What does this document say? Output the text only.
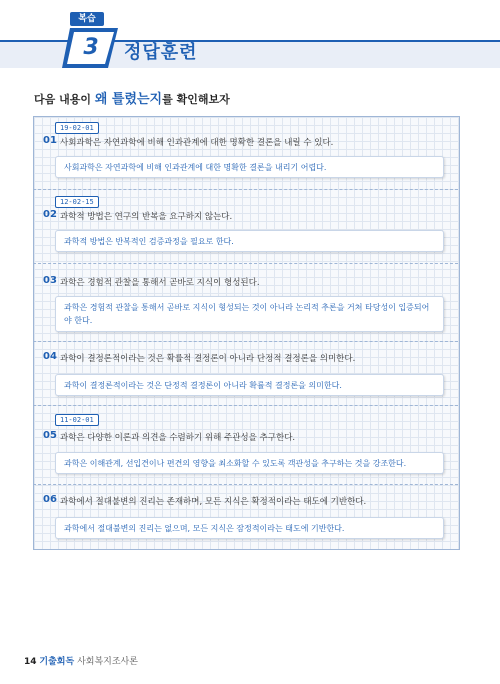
복습
3	정답훈련
다음 내용이 왜 틀렸는지를 확인해보자
19-02-01
01 사회과학은 자연과학에 비해 인과관계에 대한 명확한 결론을 내릴 수 있다.
사회과학은 자연과학에 비해 인과관계에 대한 명확한 결론을 내리기 어렵다.
12-02-15
02 과학적 방법은 연구의 반복을 요구하지 않는다.
과학적 방법은 반복적인 검증과정을 필요로 한다.
03 과학은 경험적 관찰을 통해서 곧바로 지식이 형성된다.
과학은 경험적 관찰을 통해서 곧바로 지식이 형성되는 것이 아니라 논리적 추론을 거쳐 타당성이 입증되어야 한다.
04 과학이 결정론적이라는 것은 확률적 결정론이 아니라 단정적 결정론을 의미한다.
과학이 결정론적이라는 것은 단정적 결정론이 아니라 확률적 결정론을 의미한다.
11-02-01
05 과학은 다양한 이론과 의견을 수렴하기 위해 주관성을 추구한다.
과학은 이해관계, 선입견이나 편견의 영향을 최소화할 수 있도록 객관성을 추구하는 것을 강조한다.
06 과학에서 절대불변의 진리는 존재하며, 모든 지식은 확정적이라는 태도에 기반한다.
과학에서 절대불변의 진리는 없으며, 모든 지식은 잠정적이라는 태도에 기반한다.
14 기출회독 사회복지조사론
